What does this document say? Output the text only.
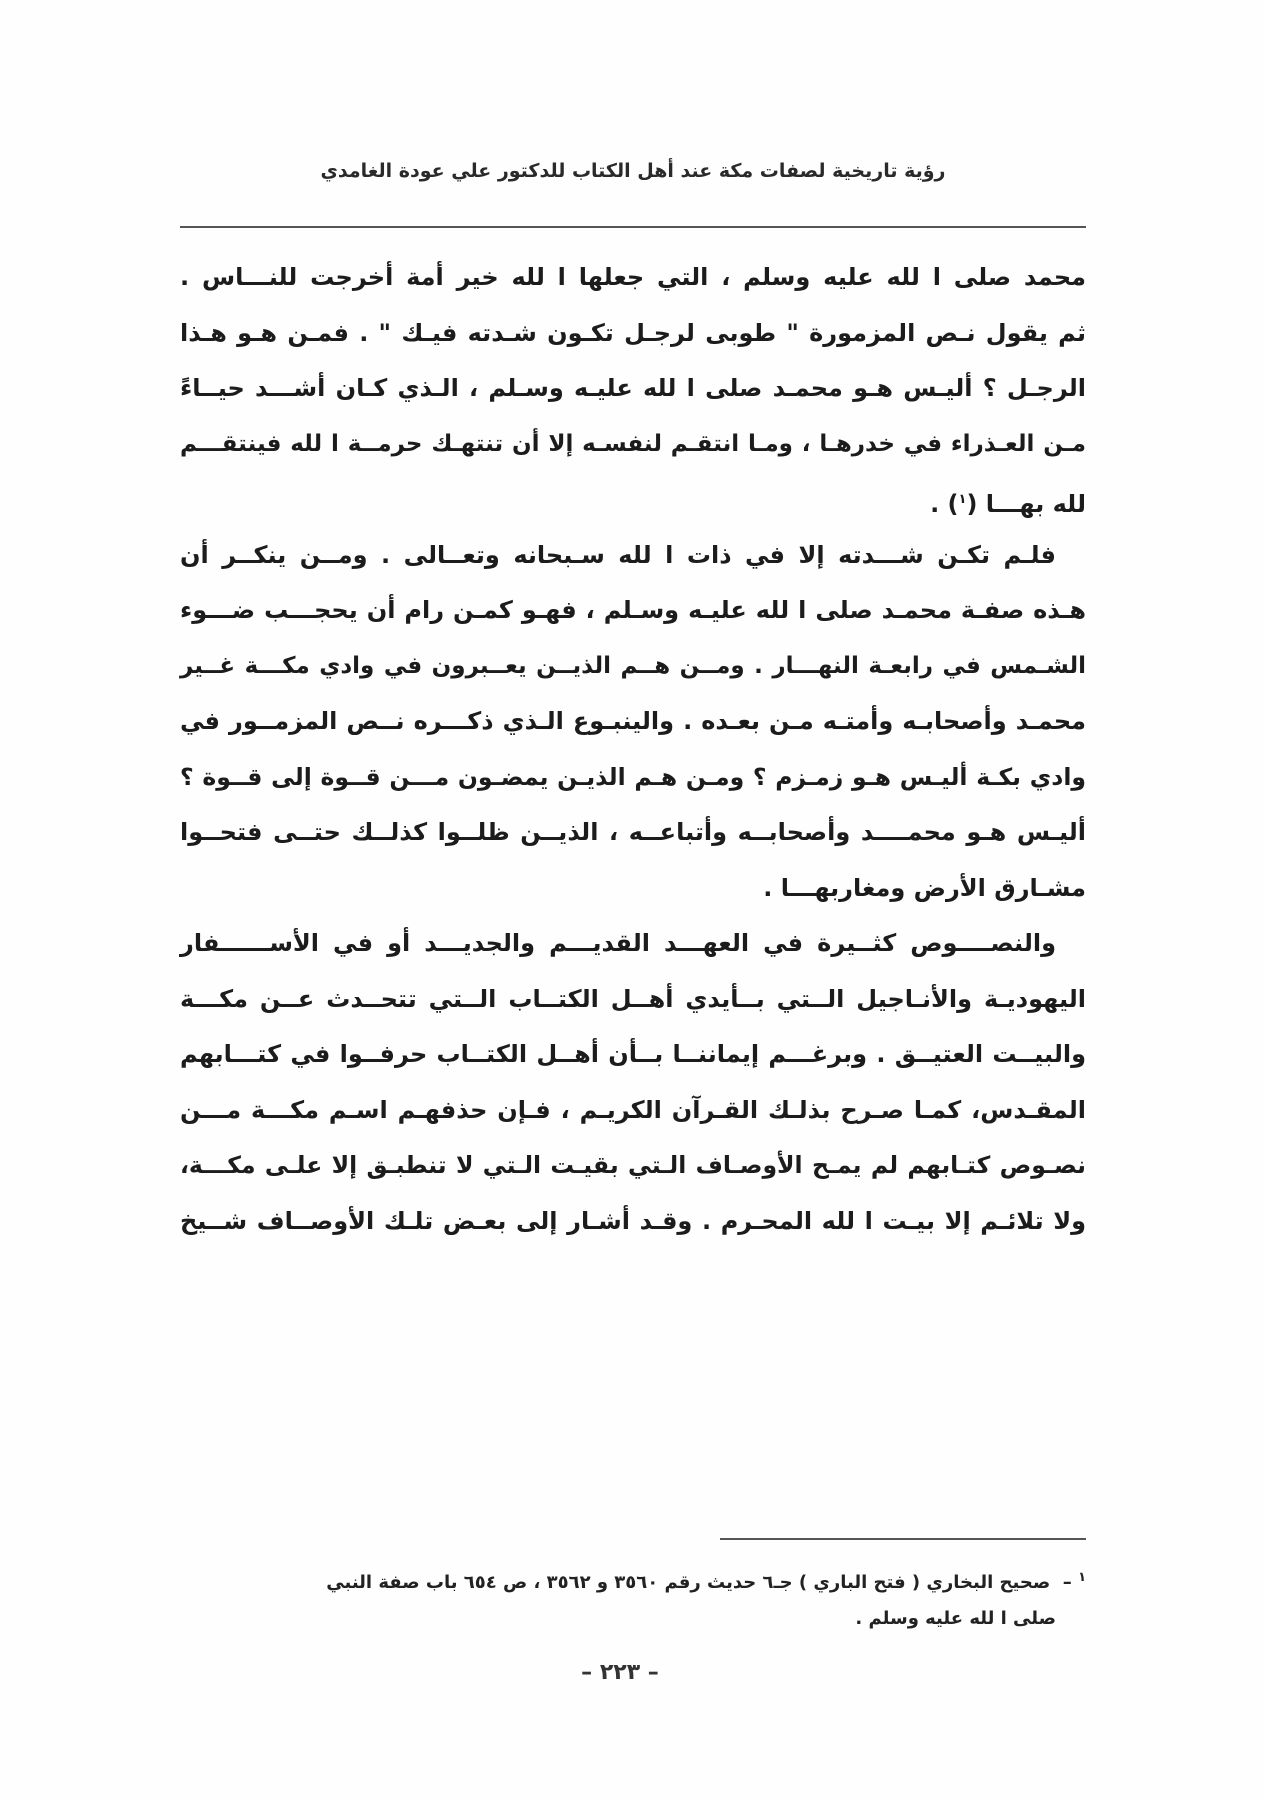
رؤية تاريخية لصفات مكة عند أهل الكتاب للدكتور علي عودة الغامدي
محمد صلى ا لله عليه وسلم ، التي جعلها ا لله خير أمة أخرجت للنـــاس .
ثم يقول نـص المزمورة " طوبى لرجـل تكـون شـدته فيـك " . فمـن هـو هـذا
الرجـل ؟ أليـس هـو محمـد صلى ا لله عليـه وسـلم ، الـذي كـان أشـــد حيــاءً
مـن العـذراء في خدرهـا ، ومـا انتقـم لنفسـه إلا أن تنتهـك حرمــة ا لله فينتقـــم
لله بهـــا ($^١$) .
فلـم تكـن شـــدته إلا في ذات ا لله سـبحانه وتعــالى . ومــن ينكــر أن
هـذه صفـة محمـد صلى ا لله عليـه وسـلم ، فهـو كمـن رام أن يحجـــب ضـــوء
الشـمس في رابعـة النهـــار . ومــن هــم الذيــن يعــبرون في وادي مكـــة غــير
محمـد وأصحابـه وأمتـه مـن بعـده . والينبـوع الـذي ذكـــره نــص المزمــور في
وادي بكـة أليـس هـو زمـزم ؟ ومـن هـم الذيـن يمضـون مـــن قــوة إلى قــوة ؟
أليـس هـو محمــــد وأصحابــه وأتباعــه ، الذيــن ظلــوا كذلــك حتــى فتحــوا
مشـارق الأرض ومغاربهـــا .
والنصــــوص كثــيرة في العهـــد القديـــم والجديـــد أو في الأســــــفار
اليهوديـة والأنـاجيل الــتي بــأيدي أهــل الكتــاب الــتي تتحــدث عــن مكـــة
والبيــت العتيــق . وبرغـــم إيماننــا بــأن أهــل الكتــاب حرفــوا في كتـــابهم
المقـدس، كمـا صـرح بذلـك القـرآن الكريـم ، فـإن حذفهـم اسـم مكـــة مـــن
نصـوص كتـابهم لم يمـح الأوصـاف الـتي بقيـت الـتي لا تنطبـق إلا علـى مكـــة،
ولا تلائـم إلا بيـت ا لله المحـرم . وقـد أشـار إلى بعـض تلـك الأوصــاف شــيخ
$^١$ –  صحيح البخاري ( فتح الباري ) جـ٦ حديث رقم ٣٥٦٠ و ٣٥٦٢ ، ص ٦٥٤ باب صفة النبي
صلى ا لله عليه وسلم .
– ٢٢٣ –
